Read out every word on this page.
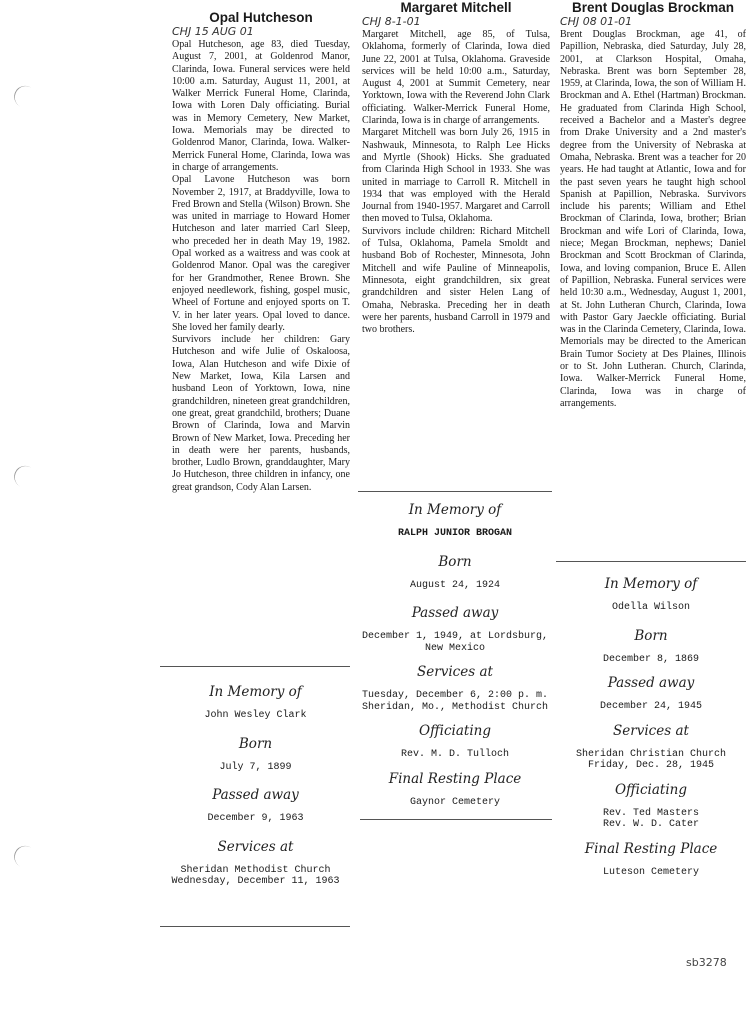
Opal Hutcheson

CHJ 15 AUG 01

Opal Hutcheson, age 83, died Tuesday, August 7, 2001, at Goldenrod Manor, Clarinda, Iowa. Funeral services were held 10:00 a.m. Saturday, August 11, 2001, at Walker Merrick Funeral Home, Clarinda, Iowa with Loren Daly officiating. Burial was in Memory Cemetery, New Market, Iowa. Memorials may be directed to Goldenrod Manor, Clarinda, Iowa. Walker-Merrick Funeral Home, Clarinda, Iowa was in charge of arrangements.
Opal Lavone Hutcheson was born November 2, 1917, at Braddyville, Iowa to Fred Brown and Stella (Wilson) Brown. She was united in marriage to Howard Homer Hutcheson and later married Carl Sleep, who preceded her in death May 19, 1982. Opal worked as a waitress and was cook at Goldenrod Manor. Opal was the caregiver for her Grandmother, Renee Brown. She enjoyed needlework, fishing, gospel music, Wheel of Fortune and enjoyed sports on T. V. in her later years. Opal loved to dance. She loved her family dearly.
Survivors include her children: Gary Hutcheson and wife Julie of Oskaloosa, Iowa, Alan Hutcheson and wife Dixie of New Market, Iowa, Kila Larsen and husband Leon of Yorktown, Iowa, nine grandchildren, nineteen great grandchildren, one great, great grandchild, brothers; Duane Brown of Clarinda, Iowa and Marvin Brown of New Market, Iowa. Preceding her in death were her parents, husbands, brother, Ludlo Brown, granddaughter, Mary Jo Hutcheson, three children in infancy, one great grandson, Cody Alan Larsen.

Margaret Mitchell

CHJ 8-1-01

Margaret Mitchell, age 85, of Tulsa, Oklahoma, formerly of Clarinda, Iowa died June 22, 2001 at Tulsa, Oklahoma. Graveside services will be held 10:00 a.m., Saturday, August 4, 2001 at Summit Cemetery, near Yorktown, Iowa with the Reverend John Clark officiating. Walker-Merrick Funeral Home, Clarinda, Iowa is in charge of arrangements.
Margaret Mitchell was born July 26, 1915 in Nashwauk, Minnesota, to Ralph Lee Hicks and Myrtle (Shook) Hicks. She graduated from Clarinda High School in 1933. She was united in marriage to Carroll R. Mitchell in 1934 that was employed with the Herald Journal from 1940-1957. Margaret and Carroll then moved to Tulsa, Oklahoma.
Survivors include children: Richard Mitchell of Tulsa, Oklahoma, Pamela Smoldt and husband Bob of Rochester, Minnesota, John Mitchell and wife Pauline of Minneapolis, Minnesota, eight grandchildren, six great grandchildren and sister Helen Lang of Omaha, Nebraska. Preceding her in death were her parents, husband Carroll in 1979 and two brothers.

Brent Douglas Brockman

CHJ 08 01-01

Brent Douglas Brockman, age 41, of Papillion, Nebraska, died Saturday, July 28, 2001, at Clarkson Hospital, Omaha, Nebraska. Brent was born September 28, 1959, at Clarinda, Iowa, the son of William H. Brockman and A. Ethel (Hartman) Brockman. He graduated from Clarinda High School, received a Bachelor and a Master's degree from Drake University and a 2nd master's degree from the University of Nebraska at Omaha, Nebraska. Brent was a teacher for 20 years. He had taught at Atlantic, Iowa and for the past seven years he taught high school Spanish at Papillion, Nebraska. Survivors include his parents; William and Ethel Brockman of Clarinda, Iowa, brother; Brian Brockman and wife Lori of Clarinda, Iowa, niece; Megan Brockman, nephews; Daniel Brockman and Scott Brockman of Clarinda, Iowa, and loving companion, Bruce E. Allen of Papillion, Nebraska. Funeral services were held 10:30 a.m., Wednesday, August 1, 2001, at St. John Lutheran Church, Clarinda, Iowa with Pastor Gary Jaeckle officiating. Burial was in the Clarinda Cemetery, Clarinda, Iowa. Memorials may be directed to the American Brain Tumor Society at Des Plaines, Illinois or to St. John Lutheran. Church, Clarinda, Iowa. Walker-Merrick Funeral Home, Clarinda, Iowa was in charge of arrangements.

In Memory of

John Wesley Clark

Born

July 7, 1899

Passed away

December 9, 1963

Services at

Sheridan Methodist Church

Wednesday, December 11, 1963

In Memory of

RALPH JUNIOR BROGAN

Born

August 24, 1924

Passed away

December 1, 1949, at Lordsburg,

New Mexico

Services at

Tuesday, December 6, 2:00 p. m.

Sheridan, Mo., Methodist Church

Officiating

Rev. M. D. Tulloch

Final Resting Place

Gaynor Cemetery

In Memory of

Odella Wilson

Born

December 8, 1869

Passed away

December 24, 1945

Services at

Sheridan Christian Church

Friday, Dec. 28, 1945

Officiating

Rev. Ted Masters

Rev. W. D. Cater

Final Resting Place

Luteson Cemetery

sb3278
